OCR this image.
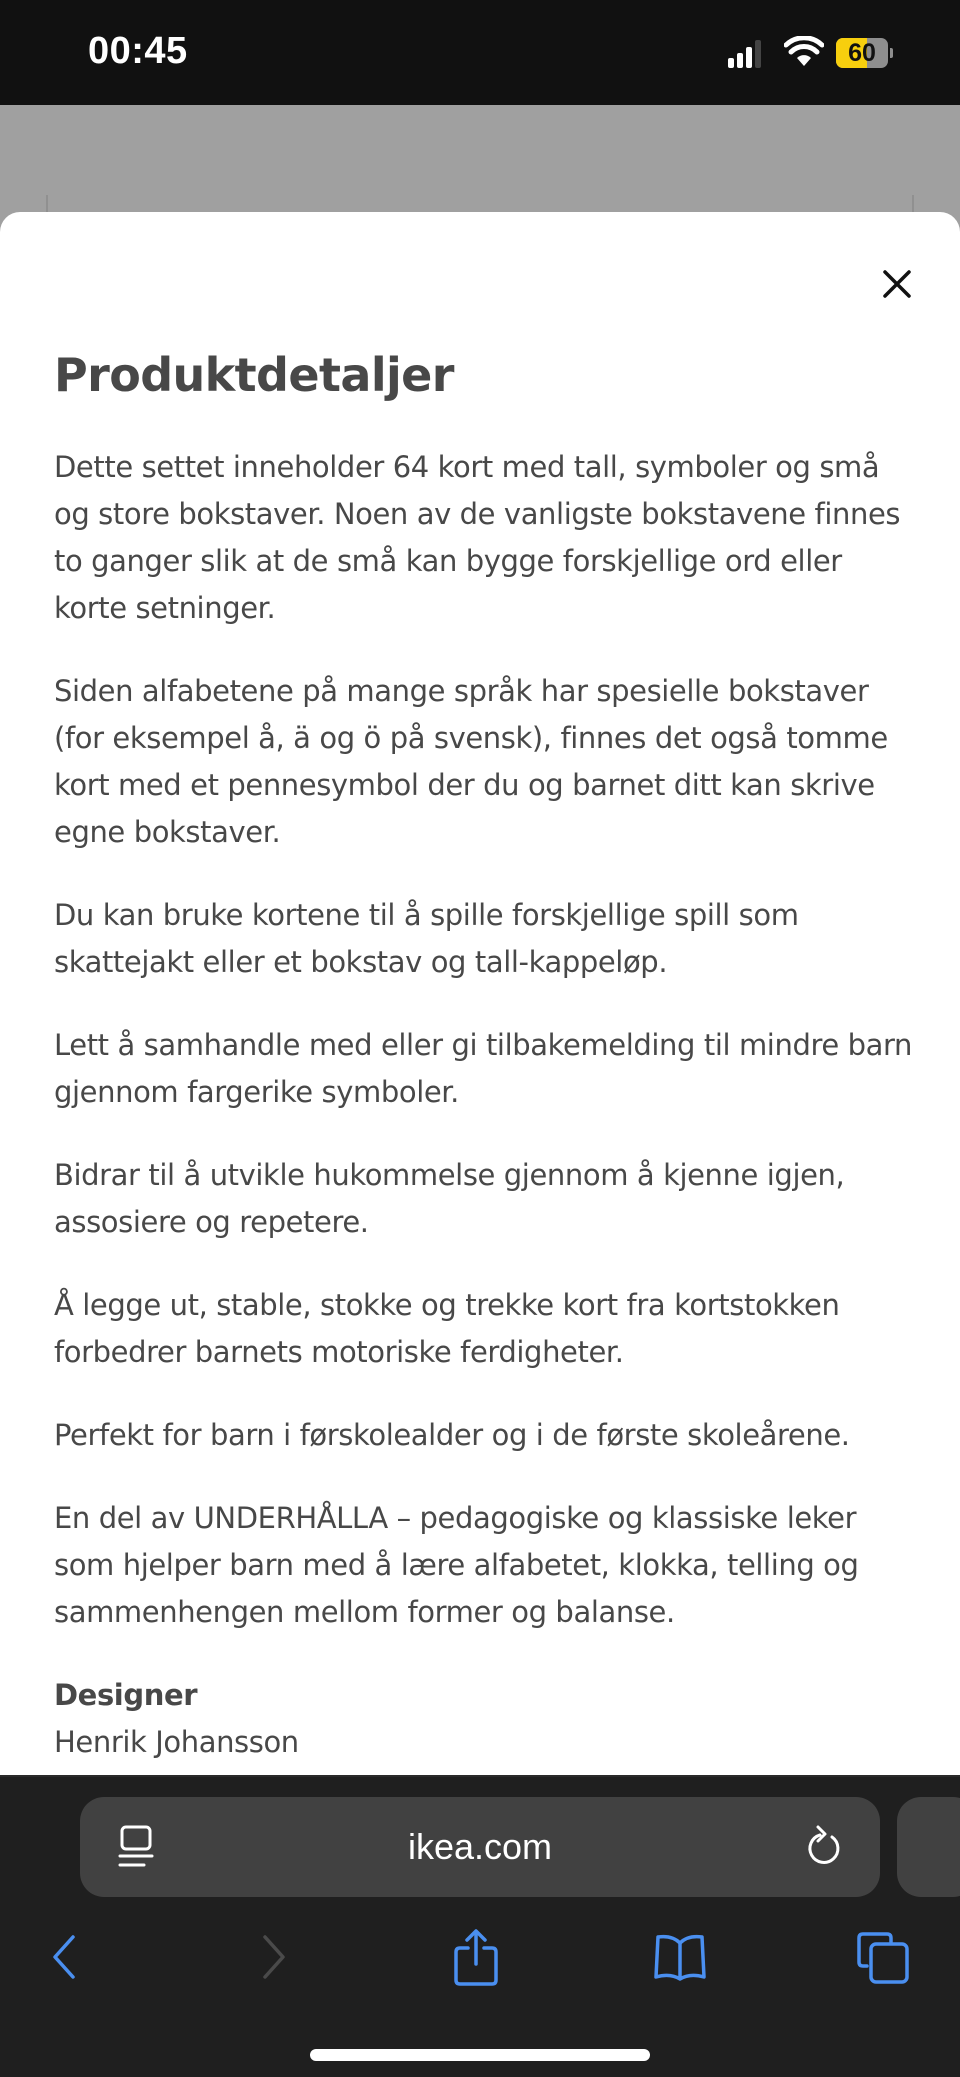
00:45	60
Produktdetaljer

Dette settet inneholder 64 kort med tall, symboler og små og store bokstaver. Noen av de vanligste bokstavene finnes to ganger slik at de små kan bygge forskjellige ord eller korte setninger.

Siden alfabetene på mange språk har spesielle bokstaver (for eksempel å, ä og ö på svensk), finnes det også tomme kort med et pennesymbol der du og barnet ditt kan skrive egne bokstaver.

Du kan bruke kortene til å spille forskjellige spill som skattejakt eller et bokstav og tall-kappeløp.

Lett å samhandle med eller gi tilbakemelding til mindre barn gjennom fargerike symboler.

Bidrar til å utvikle hukommelse gjennom å kjenne igjen, assosiere og repetere.

Å legge ut, stable, stokke og trekke kort fra kortstokken forbedrer barnets motoriske ferdigheter.

Perfekt for barn i førskolealder og i de første skoleårene.

En del av UNDERHÅLLA – pedagogiske og klassiske leker som hjelper barn med å lære alfabetet, klokka, telling og sammenhengen mellom former og balanse.

Designer
Henrik Johansson
ikea.com
